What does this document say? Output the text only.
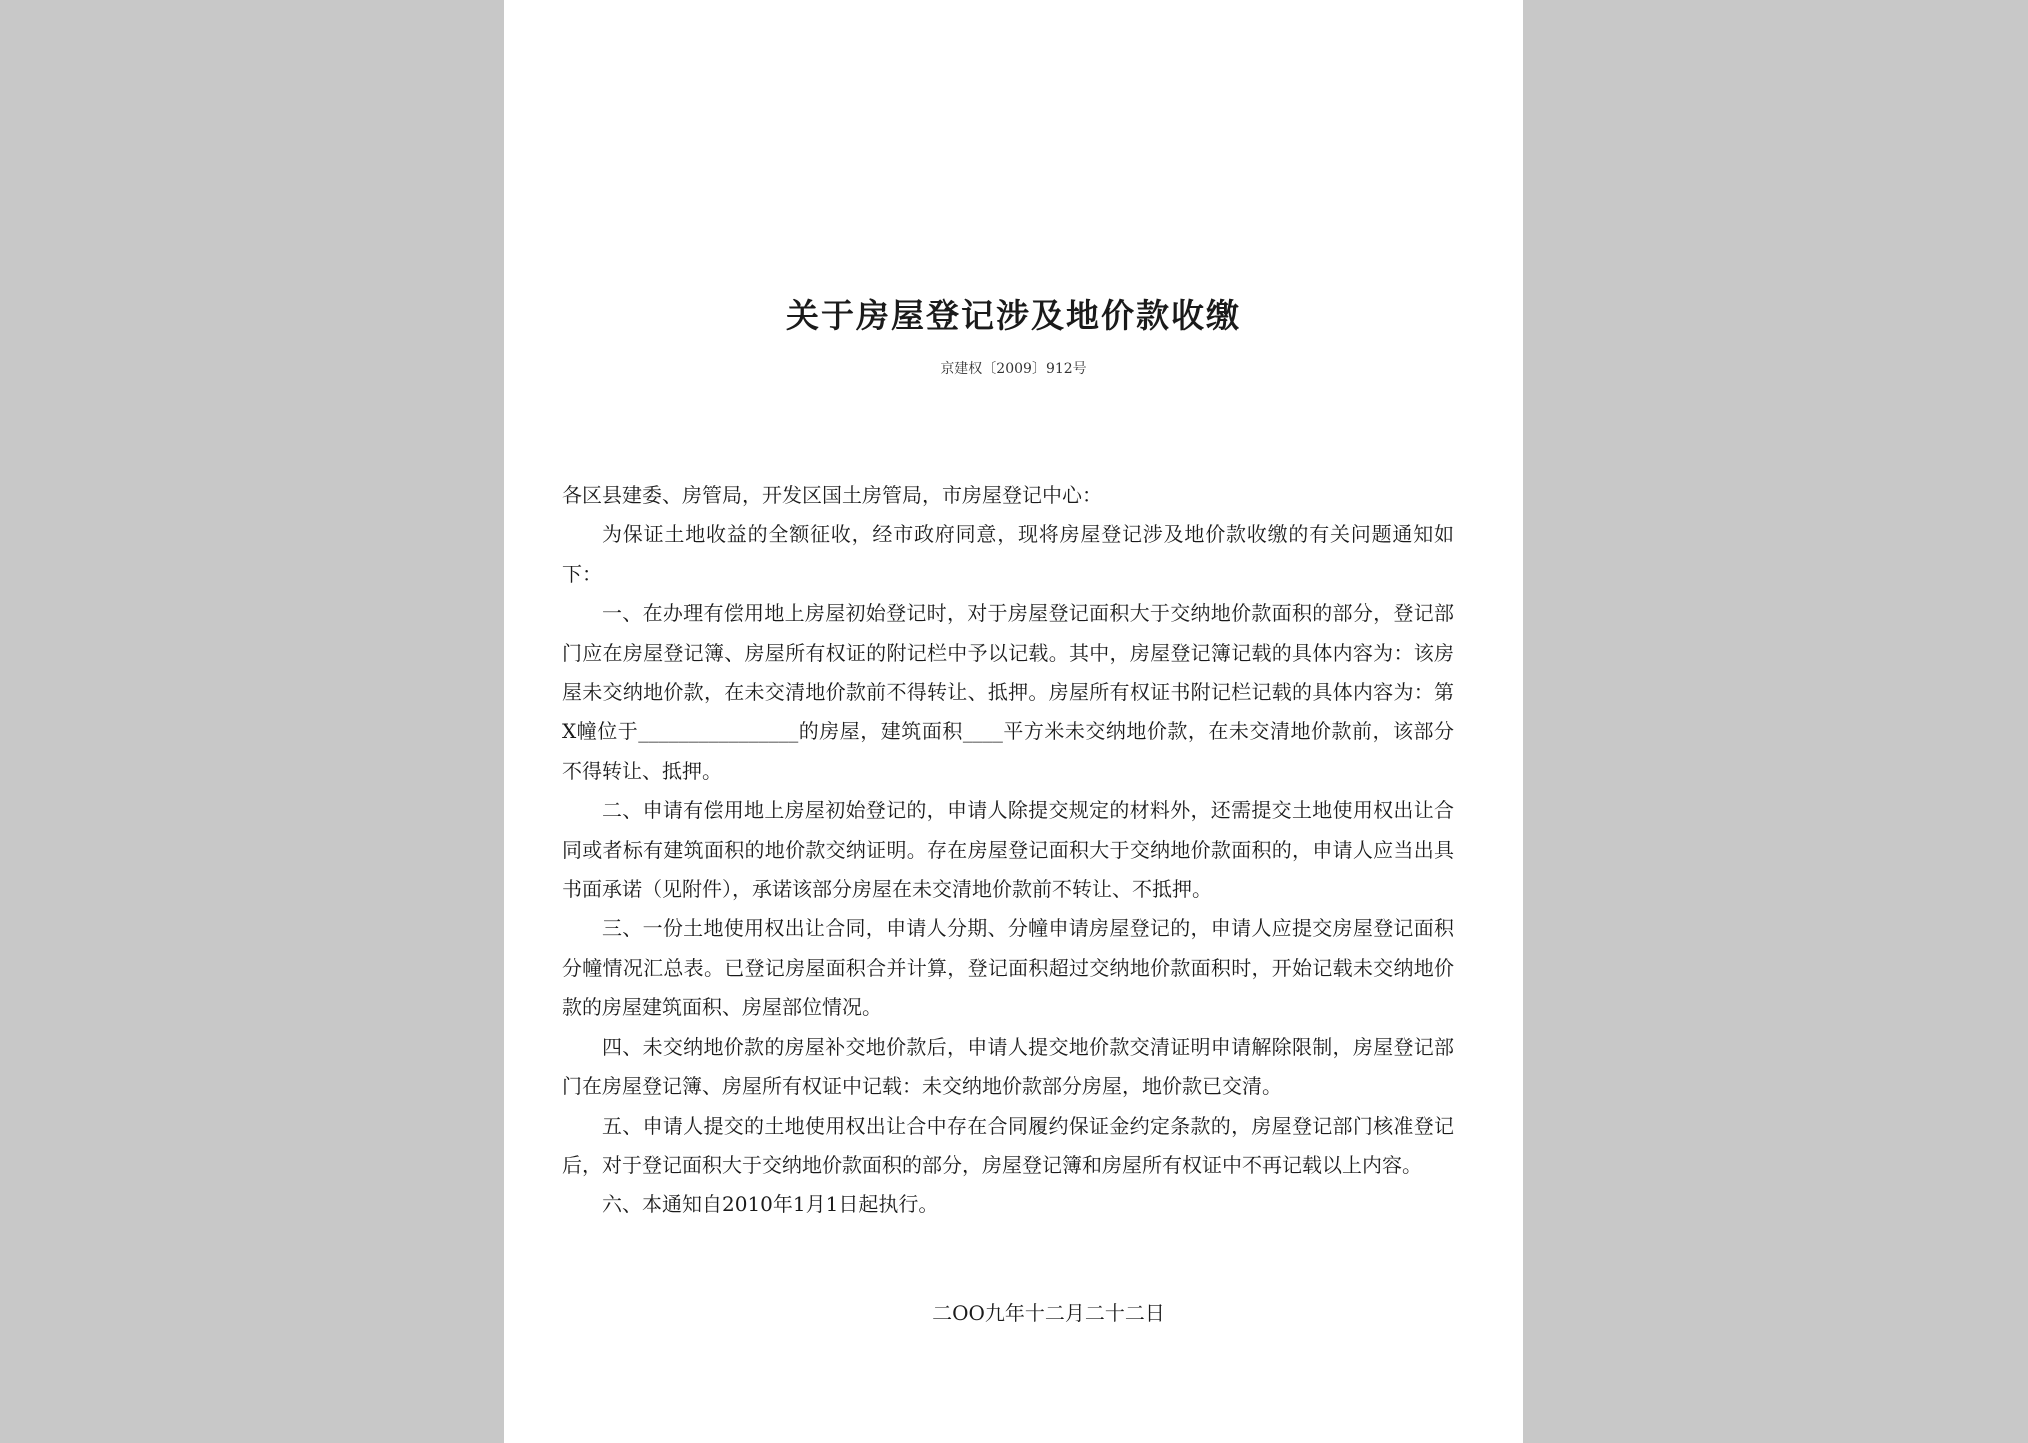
关于房屋登记涉及地价款收缴
京建权〔2009〕912号

各区县建委、房管局，开发区国土房管局，市房屋登记中心：

为保证土地收益的全额征收，经市政府同意，现将房屋登记涉及地价款收缴的有关问题通知如下：

一、在办理有偿用地上房屋初始登记时，对于房屋登记面积大于交纳地价款面积的部分，登记部门应在房屋登记簿、房屋所有权证的附记栏中予以记载。其中，房屋登记簿记载的具体内容为：该房屋未交纳地价款，在未交清地价款前不得转让、抵押。房屋所有权证书附记栏记载的具体内容为：第X幢位于________________的房屋，建筑面积____平方米未交纳地价款，在未交清地价款前，该部分不得转让、抵押。

二、申请有偿用地上房屋初始登记的，申请人除提交规定的材料外，还需提交土地使用权出让合同或者标有建筑面积的地价款交纳证明。存在房屋登记面积大于交纳地价款面积的，申请人应当出具书面承诺（见附件），承诺该部分房屋在未交清地价款前不转让、不抵押。

三、一份土地使用权出让合同，申请人分期、分幢申请房屋登记的，申请人应提交房屋登记面积分幢情况汇总表。已登记房屋面积合并计算，登记面积超过交纳地价款面积时，开始记载未交纳地价款的房屋建筑面积、房屋部位情况。

四、未交纳地价款的房屋补交地价款后，申请人提交地价款交清证明申请解除限制，房屋登记部门在房屋登记簿、房屋所有权证中记载：未交纳地价款部分房屋，地价款已交清。

五、申请人提交的土地使用权出让合中存在合同履约保证金约定条款的，房屋登记部门核准登记后，对于登记面积大于交纳地价款面积的部分，房屋登记簿和房屋所有权证中不再记载以上内容。

六、本通知自2010年1月1日起执行。

二OO九年十二月二十二日
